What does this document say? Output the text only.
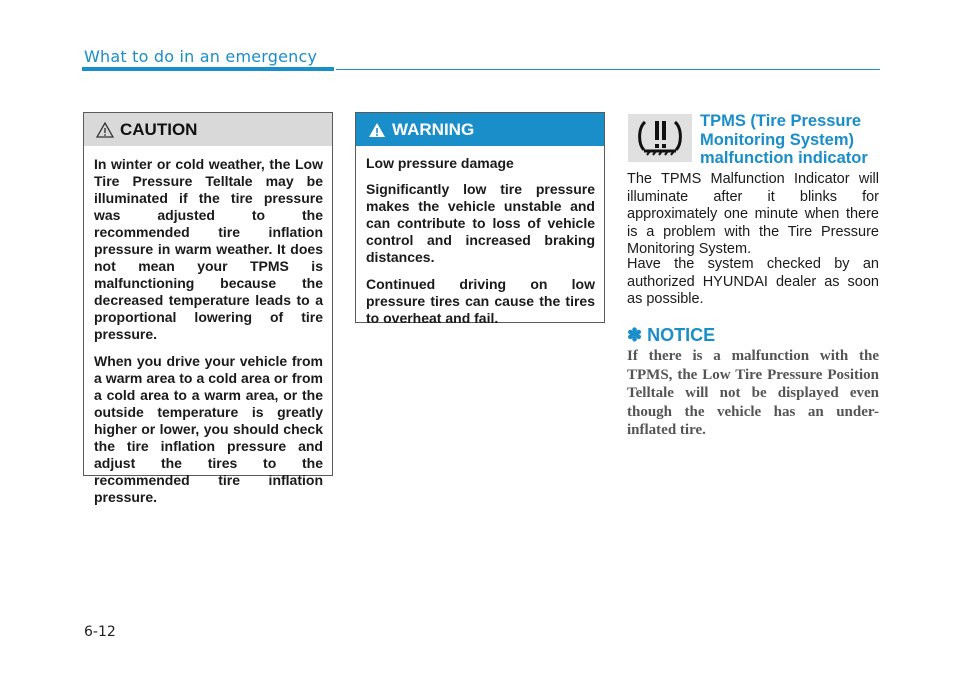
What to do in an emergency
CAUTION

In winter or cold weather, the Low Tire Pressure Telltale may be illuminated if the tire pressure was adjusted to the recommended tire inflation pressure in warm weather. It does not mean your TPMS is malfunctioning because the decreased temperature leads to a proportional lowering of tire pressure.

When you drive your vehicle from a warm area to a cold area or from a cold area to a warm area, or the outside temperature is greatly higher or lower, you should check the tire inflation pressure and adjust the tires to the recommended tire inflation pressure.

WARNING

Low pressure damage

Significantly low tire pressure makes the vehicle unstable and can contribute to loss of vehicle control and increased braking distances.

Continued driving on low pressure tires can cause the tires to overheat and fail.

TPMS (Tire Pressure Monitoring System) malfunction indicator

The TPMS Malfunction Indicator will illuminate after it blinks for approximately one minute when there is a problem with the Tire Pressure Monitoring System.

Have the system checked by an authorized HYUNDAI dealer as soon as possible.

✽ NOTICE

If there is a malfunction with the TPMS, the Low Tire Pressure Position Telltale will not be displayed even though the vehicle has an under-inflated tire.

6-12
